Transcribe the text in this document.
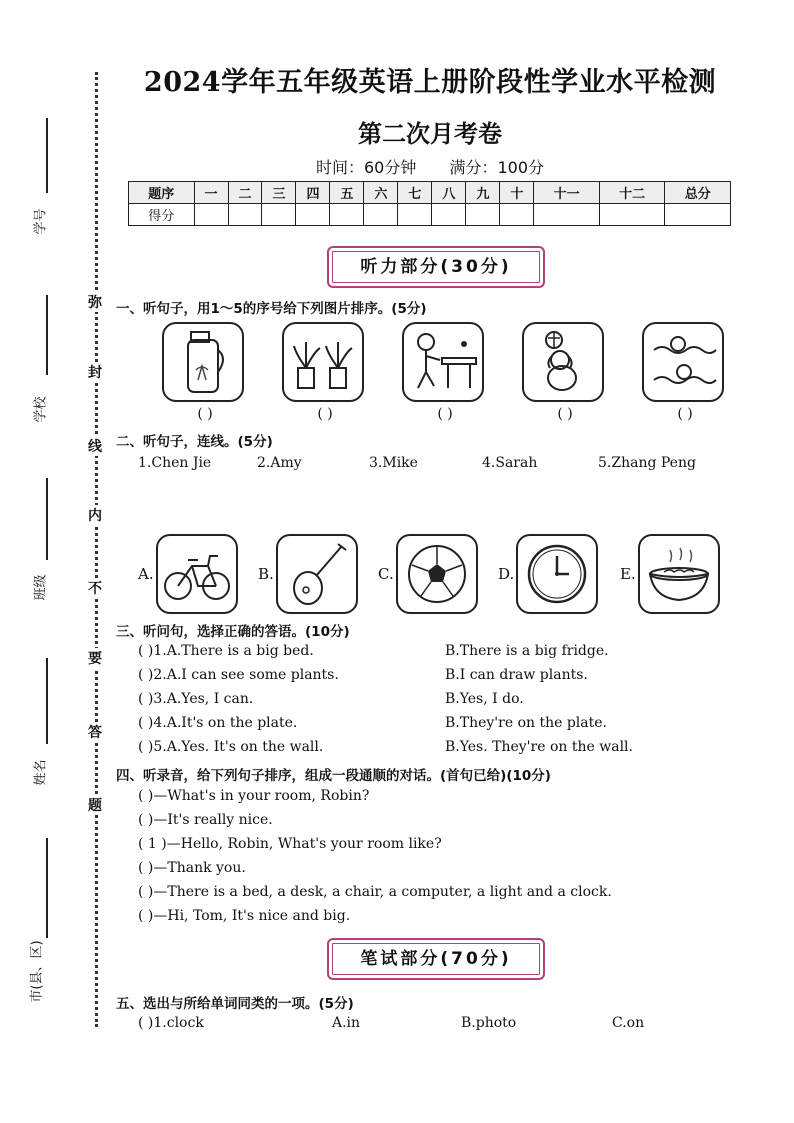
学号
学校
班级
姓名
市(县、区)
弥
封
线
内
不
要
答
题
2024学年五年级英语上册阶段性学业水平检测
第二次月考卷
时间：60分钟 满分：100分
题序	一	二	三	四	五	六	七	八	九	十	十一	十二	总分
得分													
听力部分(30分)
一、听句子，用1～5的序号给下列图片排序。(5分)
( )	( )	( )	( )	( )
二、听句子，连线。(5分)
1.Chen Jie	2.Amy	3.Mike	4.Sarah	5.Zhang Peng
A.	B.	C.	D.	E.
三、听问句，选择正确的答语。(10分)
( )1.A.There is a big bed.	B.There is a big fridge.
( )2.A.I can see some plants.	B.I can draw plants.
( )3.A.Yes, I can.	B.Yes, I do.
( )4.A.It's on the plate.	B.They're on the plate.
( )5.A.Yes. It's on the wall.	B.Yes. They're on the wall.
四、听录音，给下列句子排序，组成一段通顺的对话。(首句已给)(10分)
( )—What's in your room, Robin?
( )—It's really nice.
( 1 )—Hello, Robin, What's your room like?
( )—Thank you.
( )—There is a bed, a desk, a chair, a computer, a light and a clock.
( )—Hi, Tom, It's nice and big.
笔试部分(70分)
五、选出与所给单词同类的一项。(5分)
( )1.clock	A.in	B.photo	C.on
